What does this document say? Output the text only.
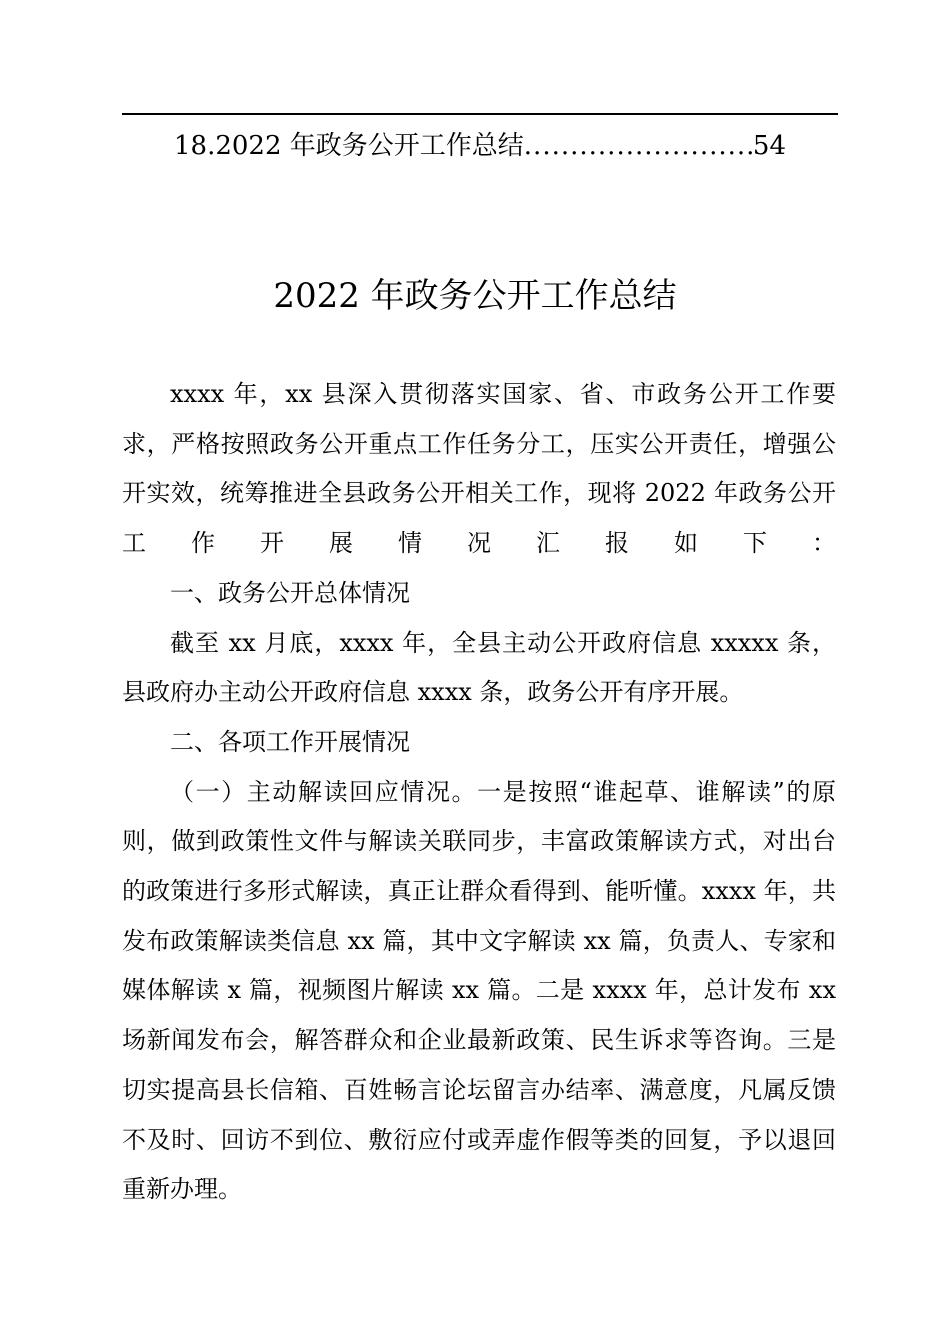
18.2022 年政务公开工作总结
.....	54
2022 年政务公开工作总结

xxxx 年，xx 县深入贯彻落实国家、省、市政务公开工作要求，严格按照政务公开重点工作任务分工，压实公开责任，增强公开实效，统筹推进全县政务公开相关工作，现将 2022 年政务公开工作开展情况汇报如下：

一、政务公开总体情况

截至 xx 月底，xxxx 年，全县主动公开政府信息 xxxxx 条，县政府办主动公开政府信息 xxxx 条，政务公开有序开展。

二、各项工作开展情况

（一）主动解读回应情况。一是按照“谁起草、谁解读”的原则，做到政策性文件与解读关联同步，丰富政策解读方式，对出台的政策进行多形式解读，真正让群众看得到、能听懂。xxxx 年，共发布政策解读类信息 xx 篇，其中文字解读 xx 篇，负责人、专家和媒体解读 x 篇，视频图片解读 xx 篇。二是 xxxx 年，总计发布 xx 场新闻发布会，解答群众和企业最新政策、民生诉求等咨询。三是切实提高县长信箱、百姓畅言论坛留言办结率、满意度，凡属反馈不及时、回访不到位、敷衍应付或弄虚作假等类的回复，予以退回重新办理。
